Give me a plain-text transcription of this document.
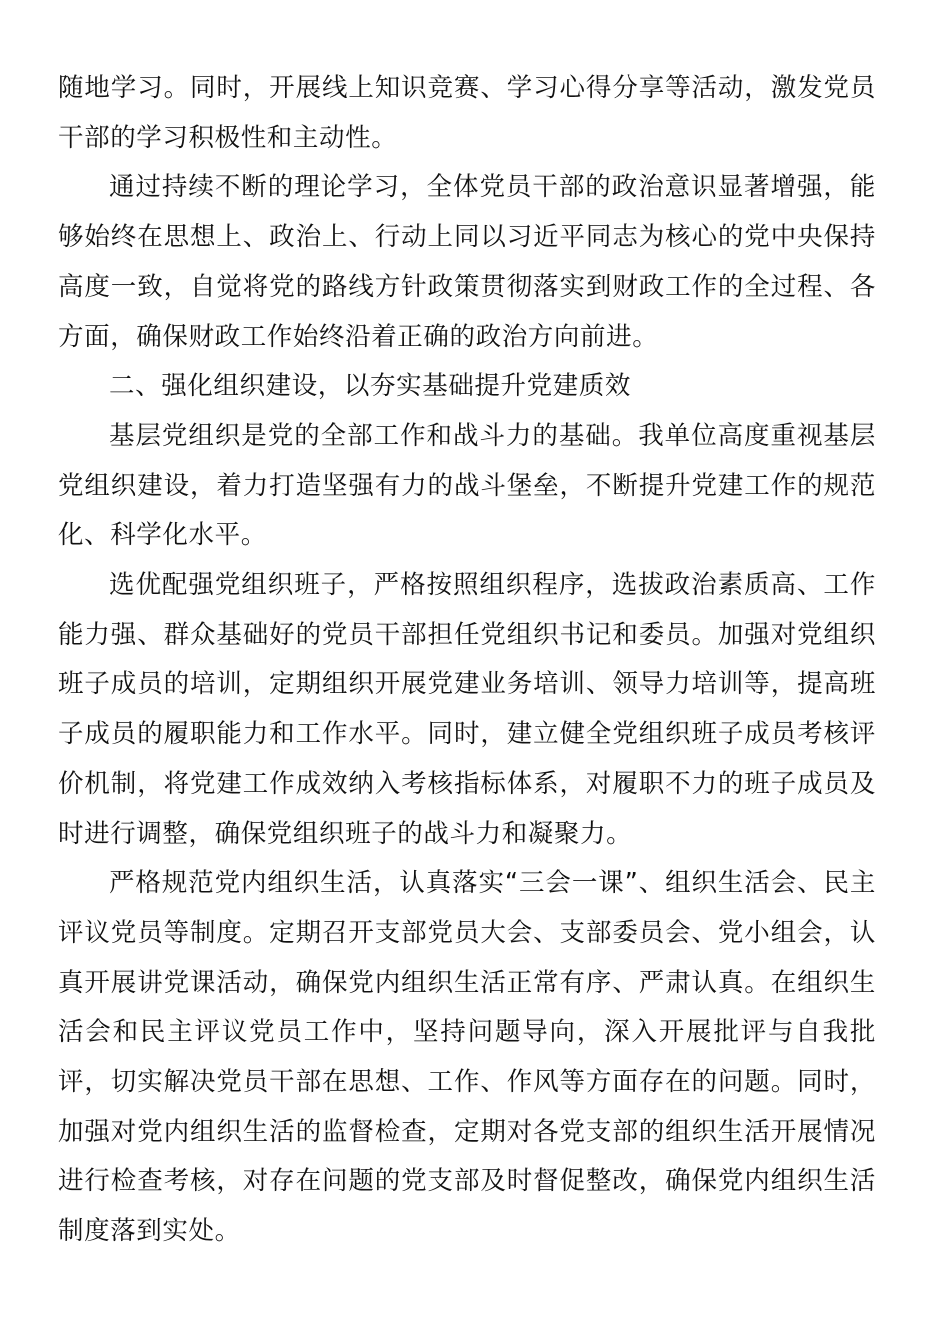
随地学习。同时，开展线上知识竞赛、学习心得分享等活动，激发党员干部的学习积极性和主动性。

通过持续不断的理论学习，全体党员干部的政治意识显著增强，能够始终在思想上、政治上、行动上同以习近平同志为核心的党中央保持高度一致，自觉将党的路线方针政策贯彻落实到财政工作的全过程、各方面，确保财政工作始终沿着正确的政治方向前进。

二、强化组织建设，以夯实基础提升党建质效

基层党组织是党的全部工作和战斗力的基础。我单位高度重视基层党组织建设，着力打造坚强有力的战斗堡垒，不断提升党建工作的规范化、科学化水平。

选优配强党组织班子，严格按照组织程序，选拔政治素质高、工作能力强、群众基础好的党员干部担任党组织书记和委员。加强对党组织班子成员的培训，定期组织开展党建业务培训、领导力培训等，提高班子成员的履职能力和工作水平。同时，建立健全党组织班子成员考核评价机制，将党建工作成效纳入考核指标体系，对履职不力的班子成员及时进行调整，确保党组织班子的战斗力和凝聚力。

严格规范党内组织生活，认真落实“三会一课”、组织生活会、民主评议党员等制度。定期召开支部党员大会、支部委员会、党小组会，认真开展讲党课活动，确保党内组织生活正常有序、严肃认真。在组织生活会和民主评议党员工作中，坚持问题导向，深入开展批评与自我批评，切实解决党员干部在思想、工作、作风等方面存在的问题。同时，加强对党内组织生活的监督检查，定期对各党支部的组织生活开展情况进行检查考核，对存在问题的党支部及时督促整改，确保党内组织生活制度落到实处。
